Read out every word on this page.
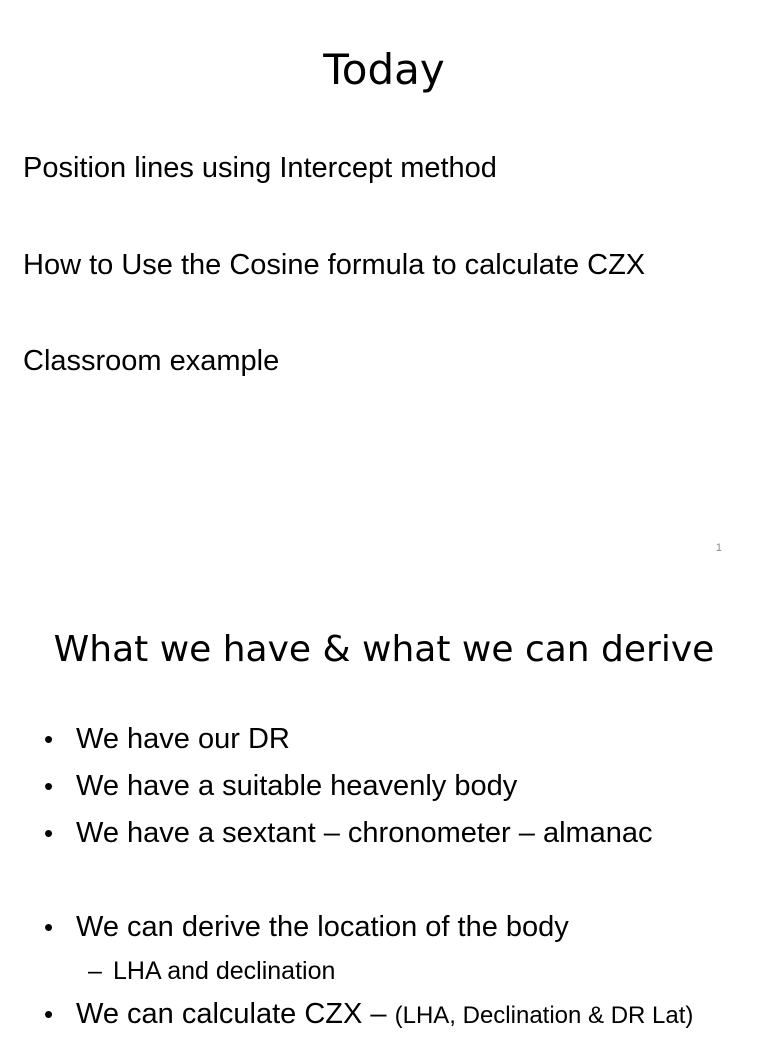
Today
Position lines using Intercept method
How to Use the Cosine formula to calculate CZX
Classroom example
1
What we have & what we can derive
• We have our DR
• We have a suitable heavenly body
• We have a sextant – chronometer – almanac
• We can derive the location of the body
– LHA and declination
• We can calculate CZX – (LHA, Declination & DR Lat)
